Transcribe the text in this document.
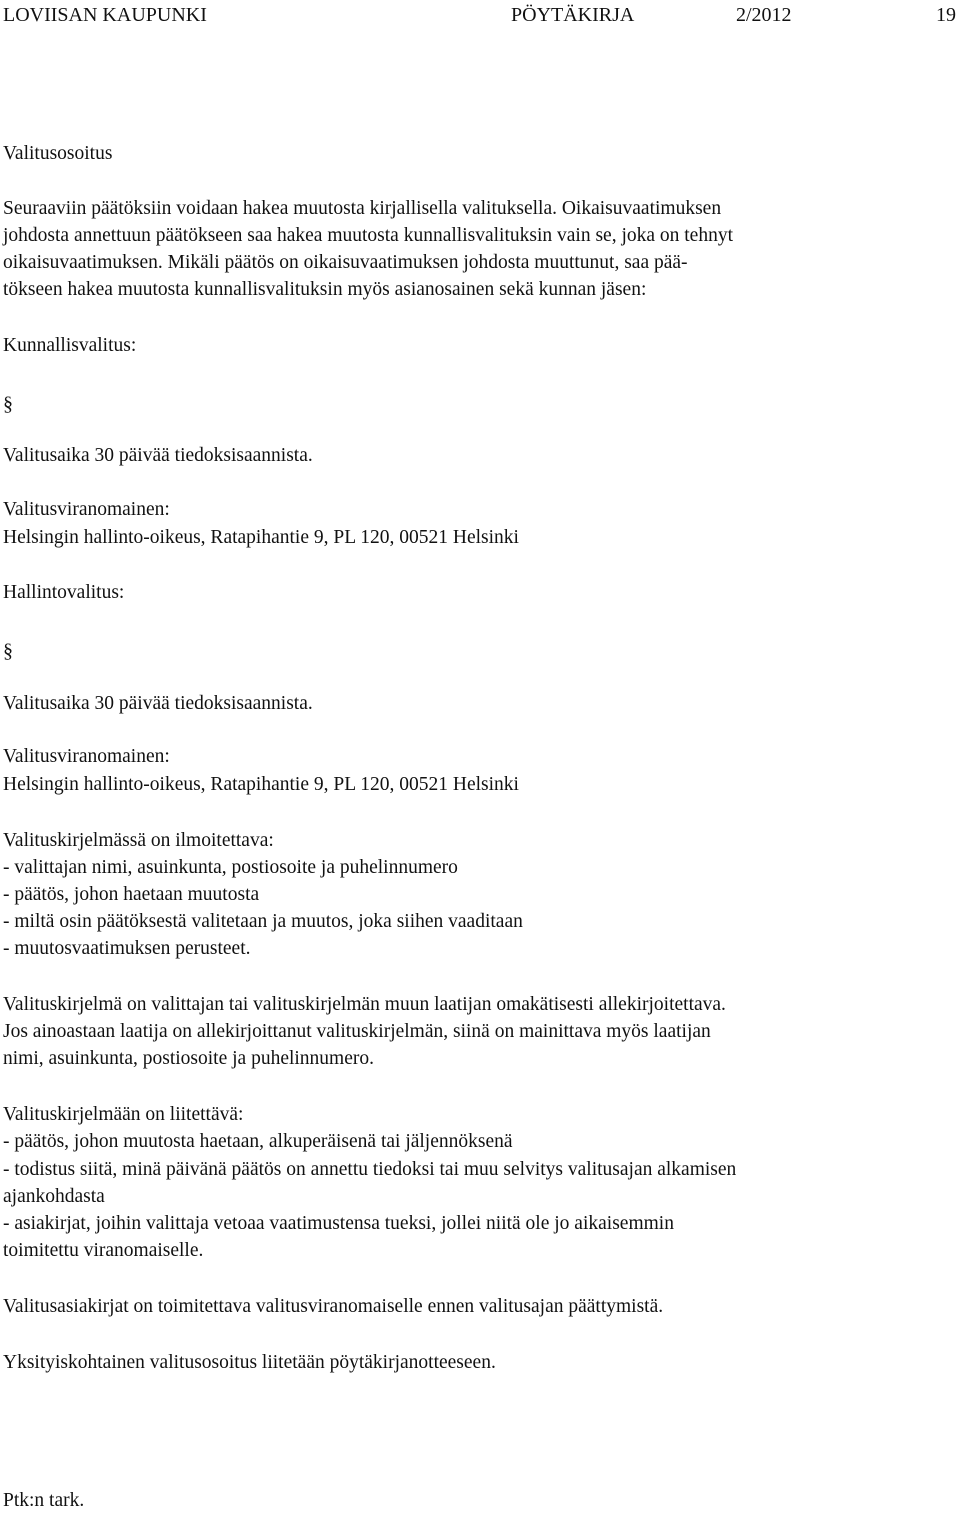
LOVIISAN KAUPUNKI	PÖYTÄKIRJA	2/2012	19
Valitusosoitus
Seuraaviin päätöksiin voidaan hakea muutosta kirjallisella valituksella. Oikaisuvaatimuksen
johdosta annettuun päätökseen saa hakea muutosta kunnallisvalituksin vain se, joka on tehnyt
oikaisuvaatimuksen. Mikäli päätös on oikaisuvaatimuksen johdosta muuttunut, saa pää-
tökseen hakea muutosta kunnallisvalituksin myös asianosainen sekä kunnan jäsen:
Kunnallisvalitus:
§
Valitusaika 30 päivää tiedoksisaannista.
Valitusviranomainen:
Helsingin hallinto-oikeus, Ratapihantie 9, PL 120, 00521 Helsinki
Hallintovalitus:
§
Valitusaika 30 päivää tiedoksisaannista.
Valitusviranomainen:
Helsingin hallinto-oikeus, Ratapihantie 9, PL 120, 00521 Helsinki
Valituskirjelmässä on ilmoitettava:
- valittajan nimi, asuinkunta, postiosoite ja puhelinnumero
- päätös, johon haetaan muutosta
- miltä osin päätöksestä valitetaan ja muutos, joka siihen vaaditaan
- muutosvaatimuksen perusteet.
Valituskirjelmä on valittajan tai valituskirjelmän muun laatijan omakätisesti allekirjoitettava.
Jos ainoastaan laatija on allekirjoittanut valituskirjelmän, siinä on mainittava myös laatijan
nimi, asuinkunta, postiosoite ja puhelinnumero.
Valituskirjelmään on liitettävä:
- päätös, johon muutosta haetaan, alkuperäisenä tai jäljennöksenä
- todistus siitä, minä päivänä päätös on annettu tiedoksi tai muu selvitys valitusajan alkamisen
ajankohdasta
- asiakirjat, joihin valittaja vetoaa vaatimustensa tueksi, jollei niitä ole jo aikaisemmin
toimitettu viranomaiselle.
Valitusasiakirjat on toimitettava valitusviranomaiselle ennen valitusajan päättymistä.
Yksityiskohtainen valitusosoitus liitetään pöytäkirjanotteeseen.
Ptk:n tark.
